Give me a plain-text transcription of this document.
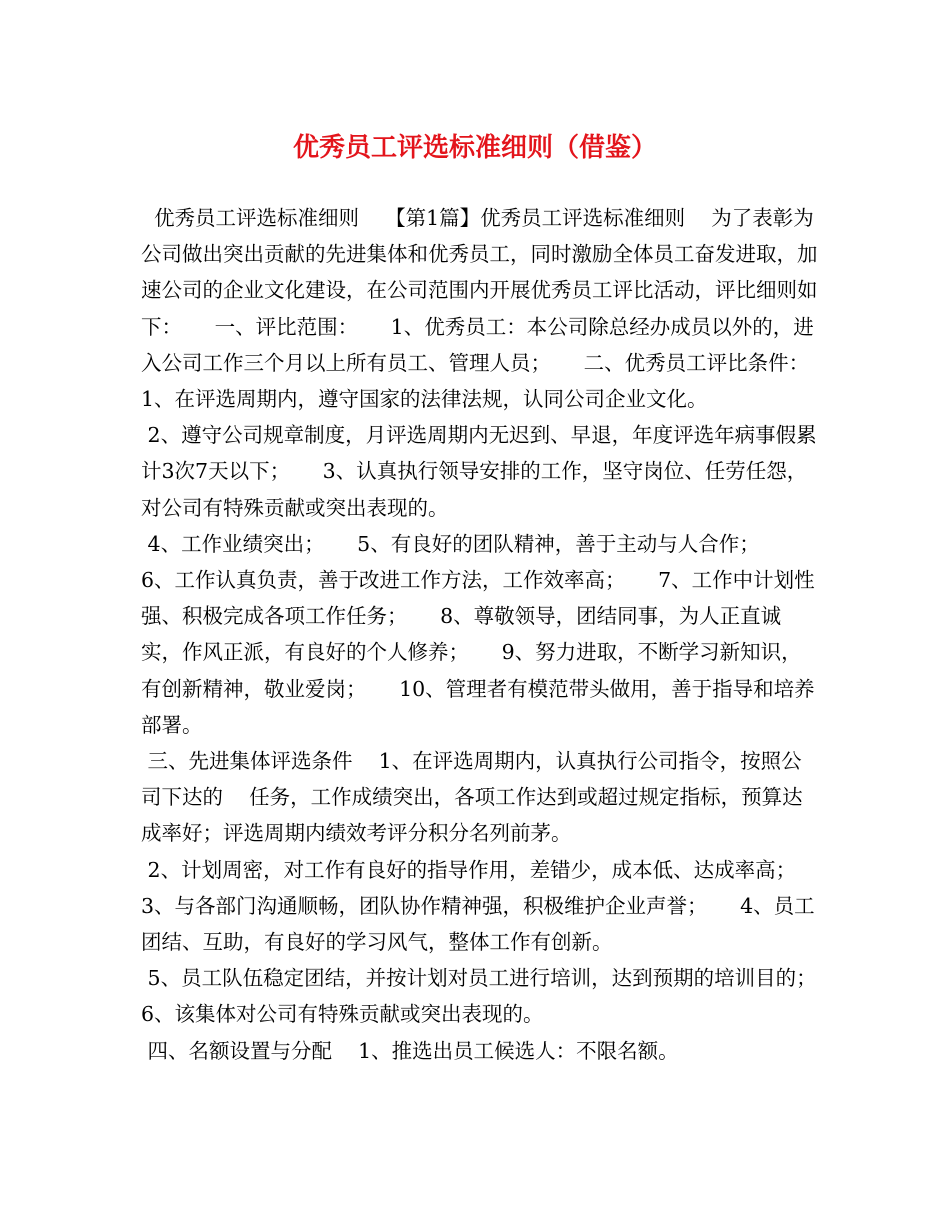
优秀员工评选标准细则（借鉴）

优秀员工评选标准细则    【第1篇】优秀员工评选标准细则    为了表彰为公司做出突出贡献的先进集体和优秀员工，同时激励全体员工奋发进取，加速公司的企业文化建设，在公司范围内开展优秀员工评比活动，评比细则如下：     一、评比范围：     1、优秀员工：本公司除总经办成员以外的，进入公司工作三个月以上所有员工、管理人员；     二、优秀员工评比条件：     1、在评选周期内，遵守国家的法律法规，认同公司企业文化。

2、遵守公司规章制度，月评选周期内无迟到、早退，年度评选年病事假累计3次7天以下；     3、认真执行领导安排的工作，坚守岗位、任劳任怨，对公司有特殊贡献或突出表现的。

4、工作业绩突出；     5、有良好的团队精神，善于主动与人合作；     6、工作认真负责，善于改进工作方法，工作效率高；     7、工作中计划性强、积极完成各项工作任务；     8、尊敬领导，团结同事，为人正直诚实，作风正派，有良好的个人修养；     9、努力进取，不断学习新知识，有创新精神，敬业爱岗；     10、管理者有模范带头做用，善于指导和培养部署。

三、先进集体评选条件    1、在评选周期内，认真执行公司指令，按照公司下达的    任务，工作成绩突出，各项工作达到或超过规定指标，预算达成率好；评选周期内绩效考评分积分名列前茅。

2、计划周密，对工作有良好的指导作用，差错少，成本低、达成率高；    3、与各部门沟通顺畅，团队协作精神强，积极维护企业声誉；     4、员工团结、互助，有良好的学习风气，整体工作有创新。

5、员工队伍稳定团结，并按计划对员工进行培训，达到预期的培训目的；     6、该集体对公司有特殊贡献或突出表现的。

四、名额设置与分配    1、推选出员工候选人：不限名额。
